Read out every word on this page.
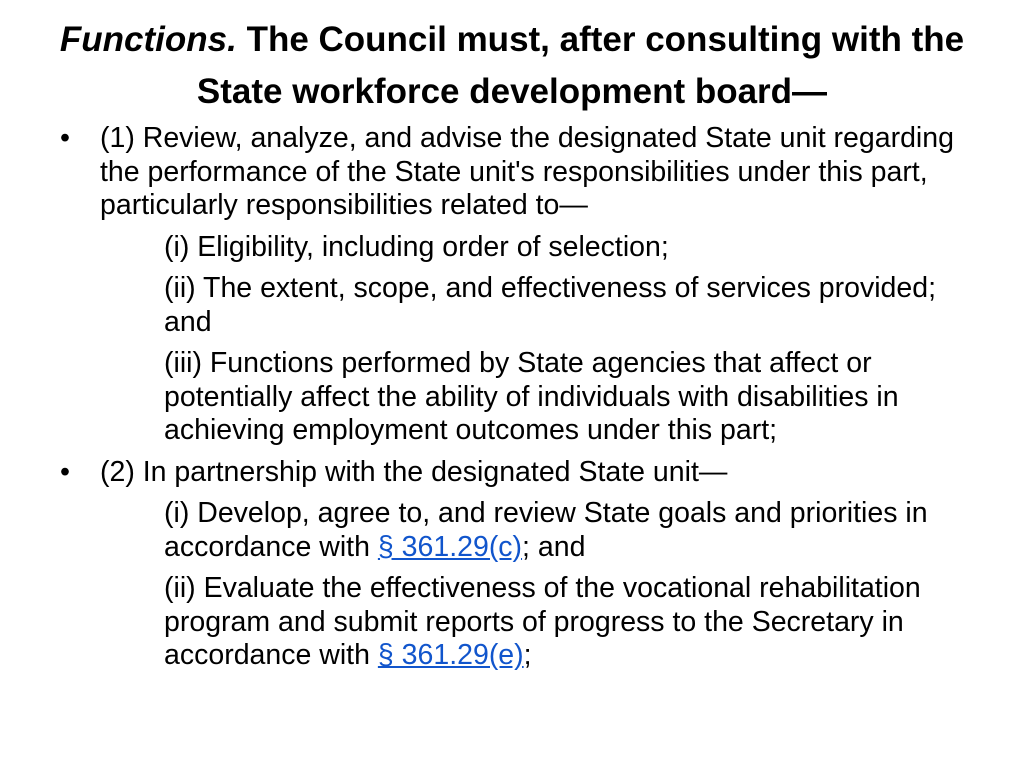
Functions. The Council must, after consulting with the State workforce development board—
• (1) Review, analyze, and advise the designated State unit regarding the performance of the State unit's responsibilities under this part, particularly responsibilities related to—
(i) Eligibility, including order of selection;
(ii) The extent, scope, and effectiveness of services provided; and
(iii) Functions performed by State agencies that affect or potentially affect the ability of individuals with disabilities in achieving employment outcomes under this part;
• (2) In partnership with the designated State unit—
(i) Develop, agree to, and review State goals and priorities in accordance with § 361.29(c); and
(ii) Evaluate the effectiveness of the vocational rehabilitation program and submit reports of progress to the Secretary in accordance with § 361.29(e);
